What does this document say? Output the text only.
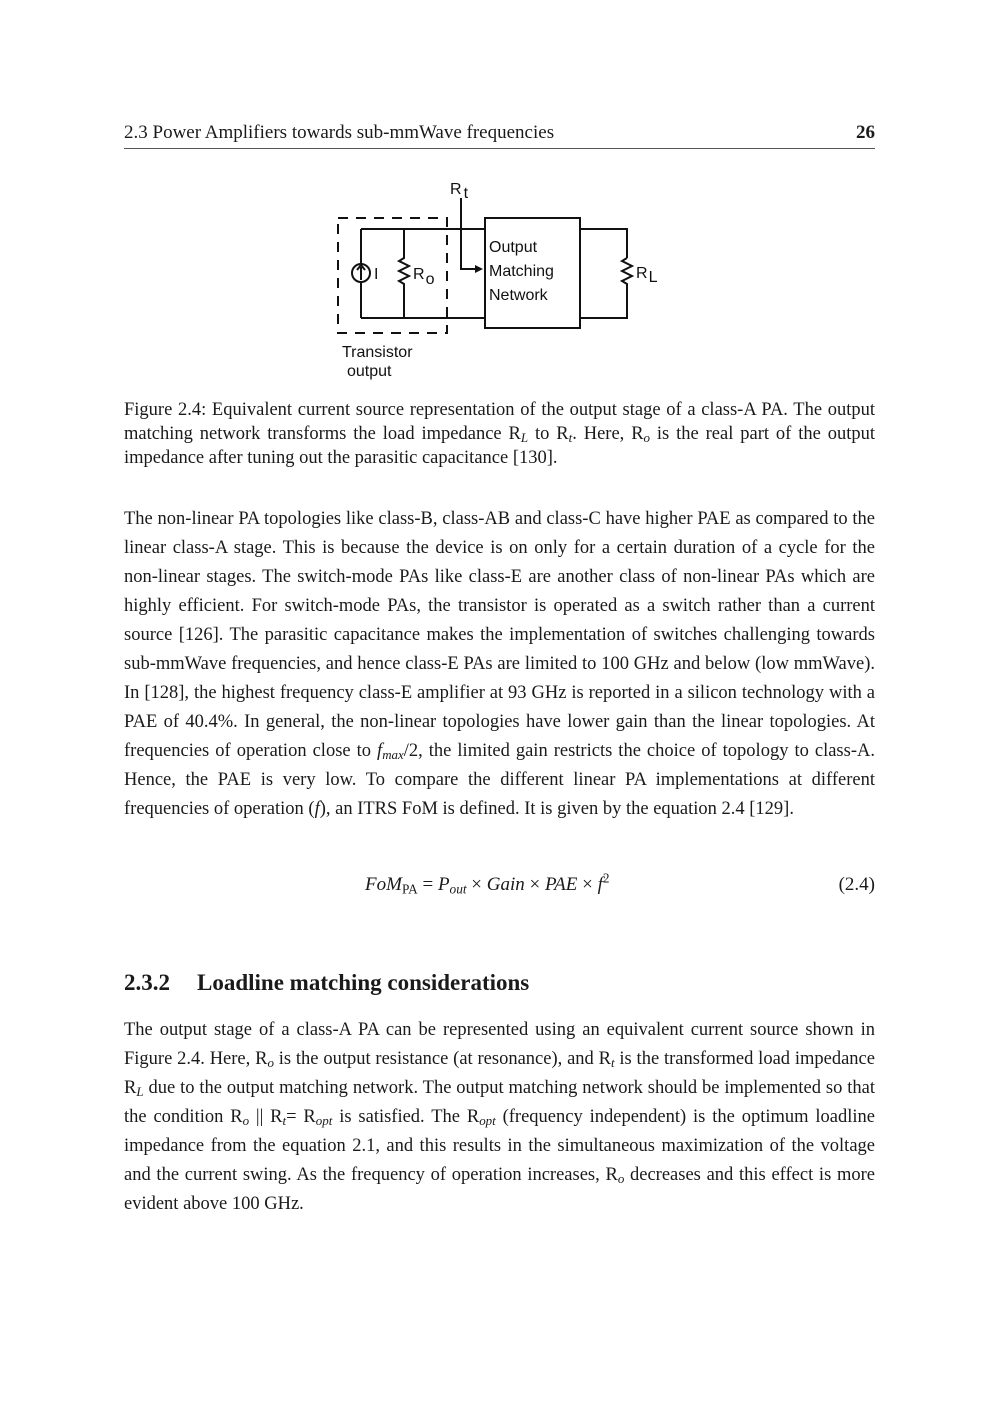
2.3 Power Amplifiers towards sub-mmWave frequencies	26
R t
I Ro	RL
Output
Matching
Network
Transistor
output
Figure 2.4: Equivalent current source representation of the output stage of a class-A PA. The output matching network transforms the load impedance $R_L$ to $R_t$. Here, $R_o$ is the real part of the output impedance after tuning out the parasitic capacitance [130].

The non-linear PA topologies like class-B, class-AB and class-C have higher PAE as compared to the linear class-A stage. This is because the device is on only for a certain duration of a cycle for the non-linear stages. The switch-mode PAs like class-E are another class of non-linear PAs which are highly efficient. For switch-mode PAs, the transistor is operated as a switch rather than a current source [126]. The parasitic capacitance makes the implementation of switches challenging towards sub-mmWave frequencies, and hence class-E PAs are limited to 100 GHz and below (low mmWave). In [128], the highest frequency class-E amplifier at 93 GHz is reported in a silicon technology with a PAE of 40.4%. In general, the non-linear topologies have lower gain than the linear topologies. At frequencies of operation close to $f_{max}/2$, the limited gain restricts the choice of topology to class-A. Hence, the PAE is very low. To compare the different linear PA implementations at different frequencies of operation (f), an ITRS FoM is defined. It is given by the equation 2.4 [129].

$FoM_{PA} = P_{out}$ × Gain × PAE × $f^2$	(2.4)
2.3.2 Loadline matching considerations

The output stage of a class-A PA can be represented using an equivalent current source shown in Figure 2.4. Here, $R_o$ is the output resistance (at resonance), and $R_t$ is the transformed load impedance $R_L$ due to the output matching network. The output matching network should be implemented so that the condition $R_o$ || $R_t= R_{opt}$ is satisfied. The $R_{opt}$ (frequency independent) is the optimum loadline impedance from the equation 2.1, and this results in the simultaneous maximization of the voltage and the current swing. As the frequency of operation increases, $R_o$ decreases and this effect is more evident above 100 GHz.
